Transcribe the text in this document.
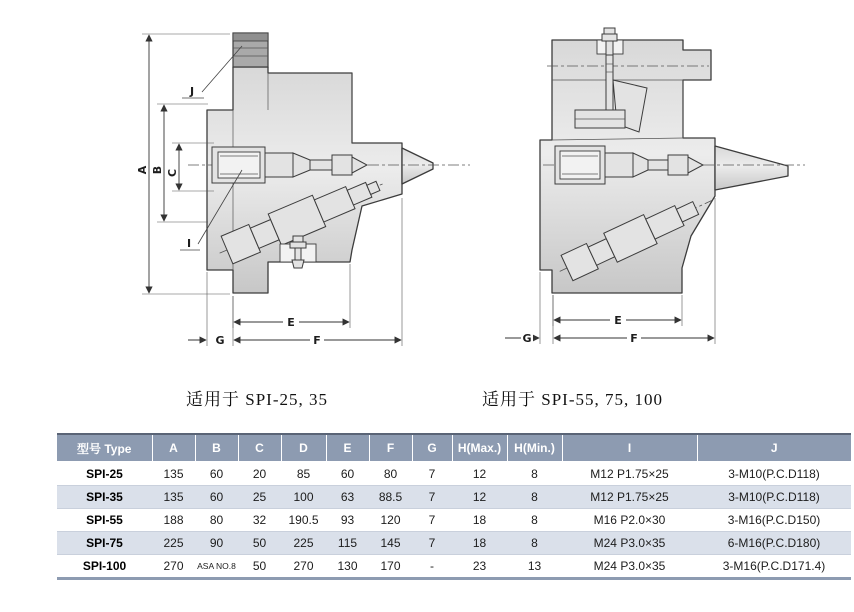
A B C
E
F
G
J
I
E
F
G
适用于 SPI-25, 35	适用于 SPI-55, 75, 100
型号 Type	A	B	C	D	E	F	G	H(Max.)	H(Min.)	I	J
SPI-25	135	60	20	85	60	80	7	12	8	M12 P1.75×25	3-M10(P.C.D118)
SPI-35	135	60	25	100	63	88.5	7	12	8	M12 P1.75×25	3-M10(P.C.D118)
SPI-55	188	80	32	190.5	93	120	7	18	8	M16 P2.0×30	3-M16(P.C.D150)
SPI-75	225	90	50	225	115	145	7	18	8	M24 P3.0×35	6-M16(P.C.D180)
SPI-100	270	ASA NO.8	50	270	130	170	-	23	13	M24 P3.0×35	3-M16(P.C.D171.4)
